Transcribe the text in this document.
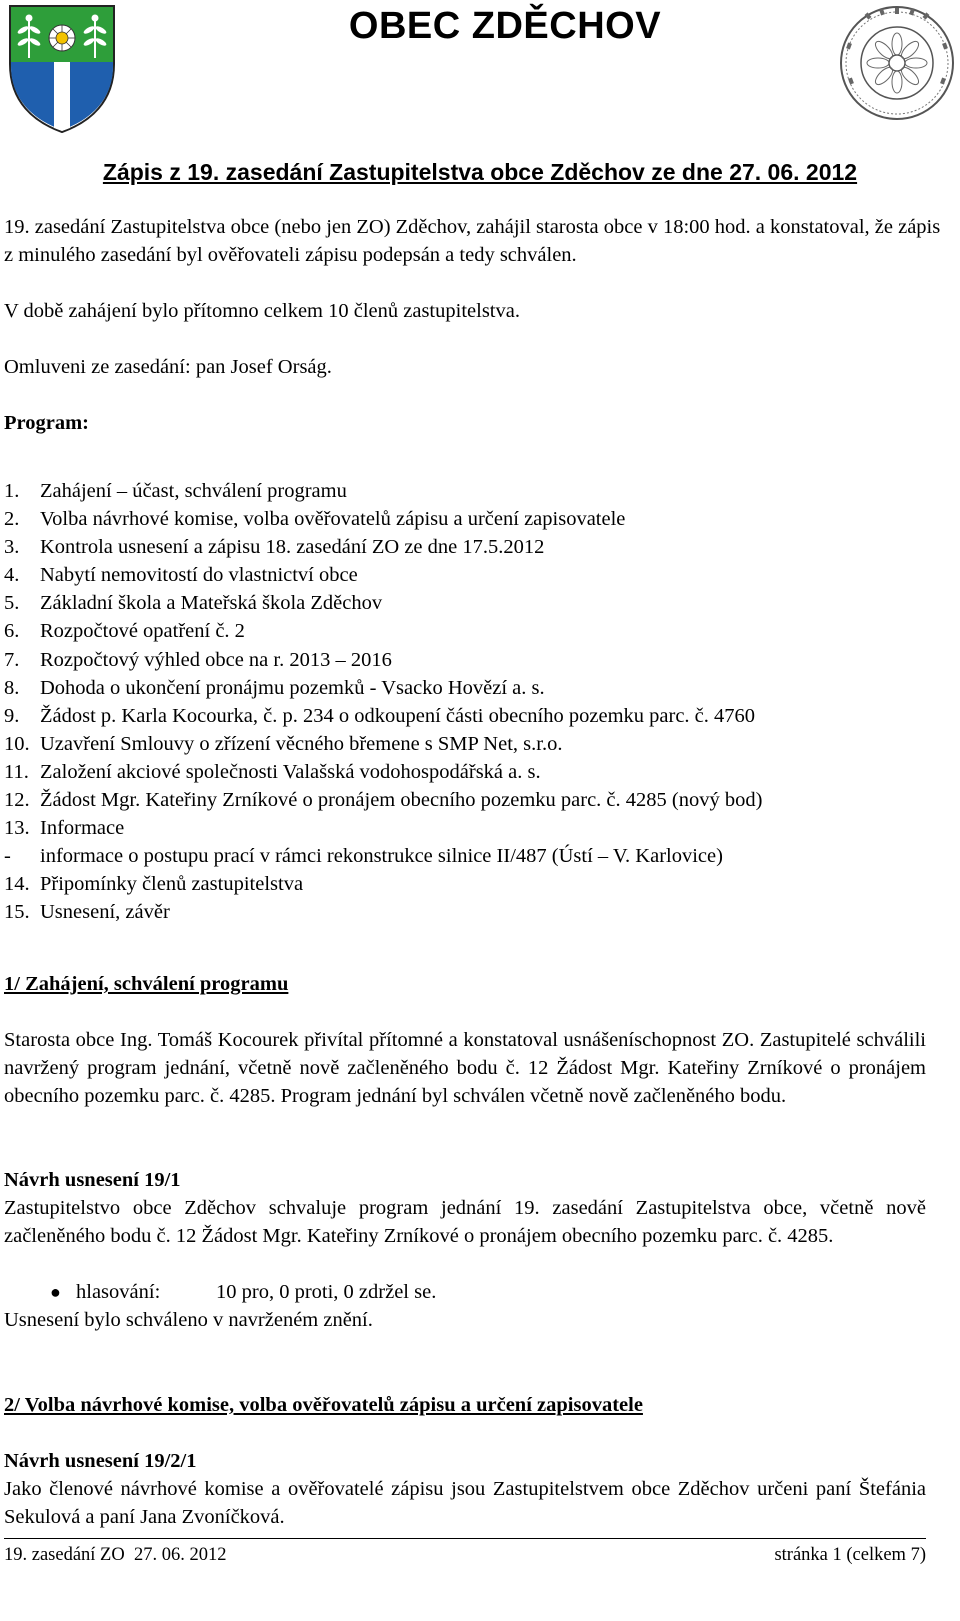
OBEC ZDĚCHOV
Zápis z 19. zasedání Zastupitelstva obce Zděchov ze dne 27. 06. 2012
19. zasedání Zastupitelstva obce (nebo jen ZO) Zděchov, zahájil starosta obce v 18:00 hod. a konstatoval, že zápis z minulého zasedání byl ověřovateli zápisu podepsán a tedy schválen.
V době zahájení bylo přítomno celkem 10 členů zastupitelstva.
Omluveni ze zasedání: pan Josef Orság.
Program:
1.	Zahájení – účast, schválení programu
2.	Volba návrhové komise, volba ověřovatelů zápisu a určení zapisovatele
3.	Kontrola usnesení a zápisu 18. zasedání ZO ze dne 17.5.2012
4.	Nabytí nemovitostí do vlastnictví obce
5.	Základní škola a Mateřská škola Zděchov
6.	Rozpočtové opatření č. 2
7.	Rozpočtový výhled obce na r. 2013 – 2016
8.	Dohoda o ukončení pronájmu pozemků - Vsacko Hovězí a. s.
9.	Žádost p. Karla Kocourka, č. p. 234 o odkoupení části obecního pozemku parc. č. 4760
10. Uzavření Smlouvy o zřízení věcného břemene s SMP Net, s.r.o.
11. Založení akciové společnosti Valašská vodohospodářská a. s.
12. Žádost Mgr. Kateřiny Zrníkové o pronájem obecního pozemku parc. č. 4285 (nový bod)
13. Informace
-	informace o postupu prací v rámci rekonstrukce silnice II/487 (Ústí – V. Karlovice)
14. Připomínky členů zastupitelstva
15. Usnesení, závěr
1/ Zahájení, schválení programu
Starosta obce Ing. Tomáš Kocourek přivítal přítomné a konstatoval usnášeníschopnost ZO. Zastupitelé schválili navržený program jednání, včetně nově začleněného bodu č. 12 Žádost Mgr. Kateřiny Zrníkové o pronájem obecního pozemku parc. č. 4285. Program jednání byl schválen včetně nově začleněného bodu.
Návrh usnesení 19/1
Zastupitelstvo obce Zděchov schvaluje program jednání 19. zasedání Zastupitelstva obce, včetně nově začleněného bodu č. 12 Žádost Mgr. Kateřiny Zrníkové o pronájem obecního pozemku parc. č. 4285.
● hlasování:	10 pro, 0 proti, 0 zdržel se.
Usnesení bylo schváleno v navrženém znění.
2/ Volba návrhové komise, volba ověřovatelů zápisu a určení zapisovatele
Návrh usnesení 19/2/1
Jako členové návrhové komise a ověřovatelé zápisu jsou Zastupitelstvem obce Zděchov určeni paní Štefánia Sekulová a paní Jana Zvoníčková.
19. zasedání ZO  27. 06. 2012	stránka 1 (celkem 7)
